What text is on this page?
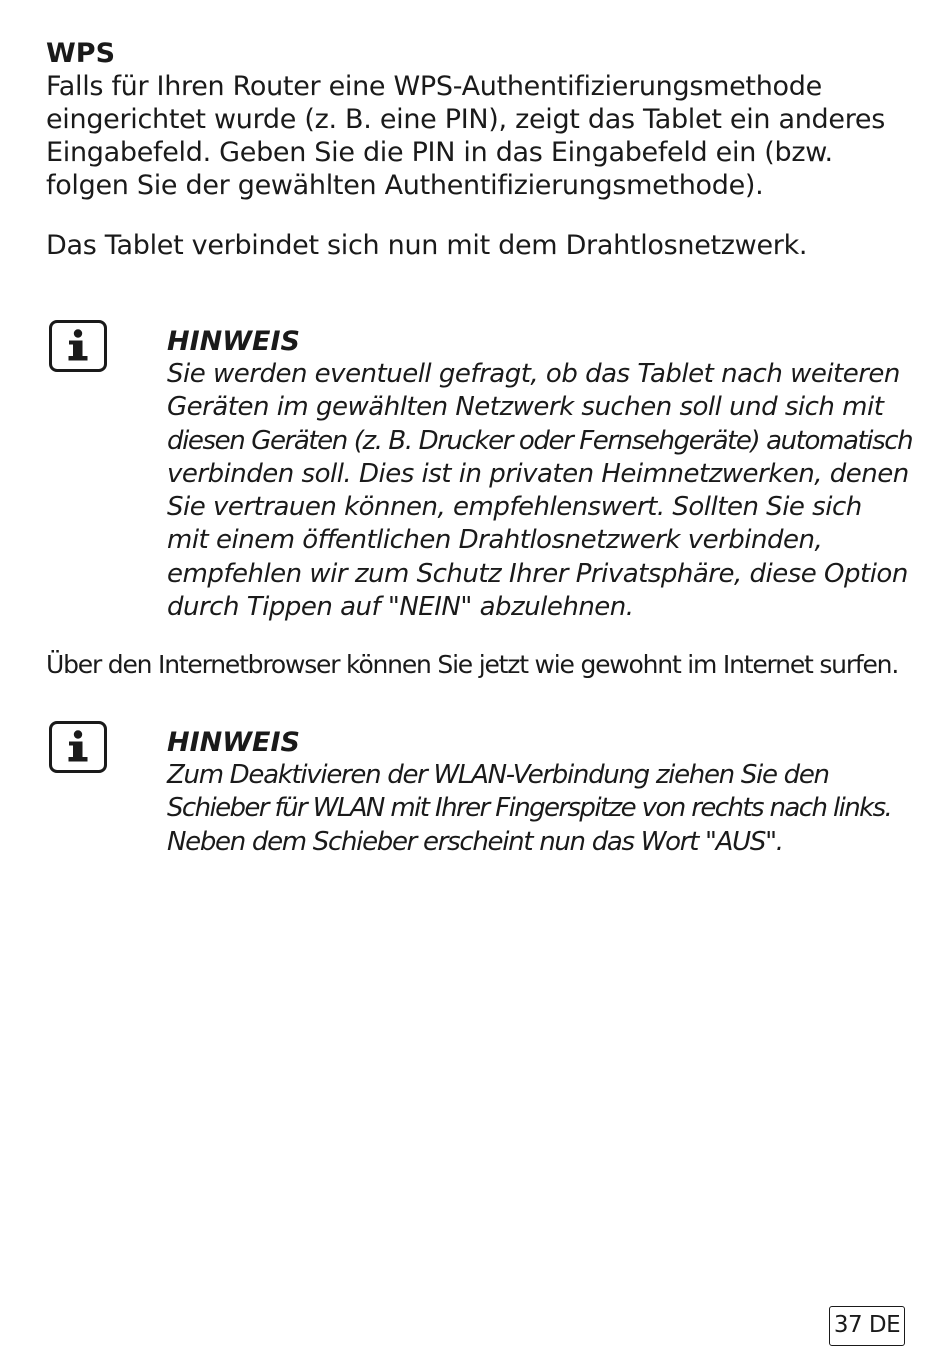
WPS

Falls für Ihren Router eine WPS-Authentifizierungsmethode
eingerichtet wurde (z. B. eine PIN), zeigt das Tablet ein anderes
Eingabefeld. Geben Sie die PIN in das Eingabefeld ein (bzw.
folgen Sie der gewählten Authentifizierungsmethode).

Das Tablet verbindet sich nun mit dem Drahtlosnetzwerk.

HINWEIS

Sie werden eventuell gefragt, ob das Tablet nach weiteren
Geräten im gewählten Netzwerk suchen soll und sich mit
diesen Geräten (z. B. Drucker oder Fernsehgeräte) automatisch
verbinden soll. Dies ist in privaten Heimnetzwerken, denen
Sie vertrauen können, empfehlenswert. Sollten Sie sich
mit einem öffentlichen Drahtlosnetzwerk verbinden,
empfehlen wir zum Schutz Ihrer Privatsphäre, diese Option
durch Tippen auf "NEIN" abzulehnen.

Über den Internetbrowser können Sie jetzt wie gewohnt im Internet surfen.

HINWEIS

Zum Deaktivieren der WLAN-Verbindung ziehen Sie den
Schieber für WLAN mit Ihrer Fingerspitze von rechts nach links.
Neben dem Schieber erscheint nun das Wort "AUS".

37 DE
